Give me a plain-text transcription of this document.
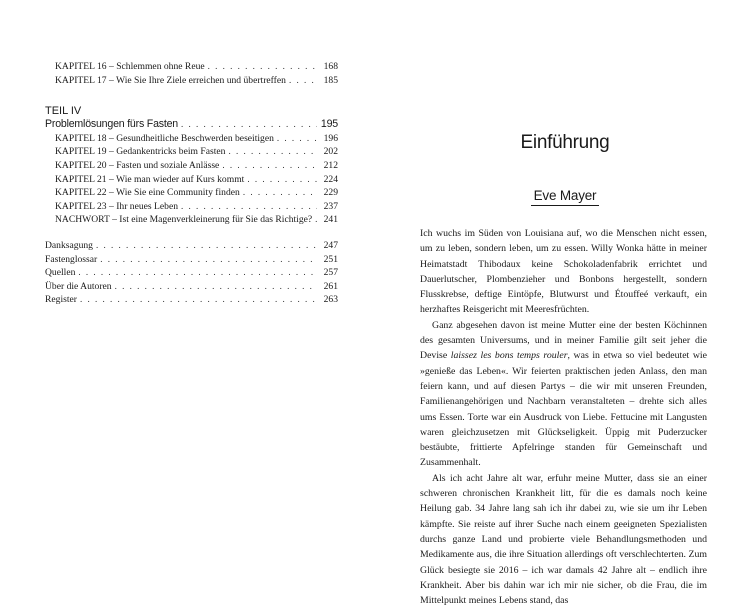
KAPITEL 16 – Schlemmen ohne Reue . . .	168
KAPITEL 17 – Wie Sie Ihre Ziele erreichen und übertreffen . . .	185
TEIL IV
Problemlösungen fürs Fasten . . .	195
KAPITEL 18 – Gesundheitliche Beschwerden beseitigen . . .	196
KAPITEL 19 – Gedankentricks beim Fasten . . .	202
KAPITEL 20 – Fasten und soziale Anlässe . . .	212
KAPITEL 21 – Wie man wieder auf Kurs kommt . . .	224
KAPITEL 22 – Wie Sie eine Community finden . . .	229
KAPITEL 23 – Ihr neues Leben . . .	237
NACHWORT – Ist eine Magenverkleinerung für Sie das Richtige? . . .	241
Danksagung . . .	247
Fastenglossar . . .	251
Quellen . . .	257
Über die Autoren . . .	261
Register . . .	263
Einführung
Eve Mayer

Ich wuchs im Süden von Louisiana auf, wo die Menschen nicht essen, um zu leben, sondern leben, um zu essen. Willy Wonka hätte in meiner Heimatstadt Thibodaux keine Schokoladenfabrik errichtet und Dauerlutscher, Plombenzieher und Bonbons hergestellt, sondern Flusskrebse, deftige Eintöpfe, Blutwurst und Étouffeé verkauft, ein herzhaftes Reisgericht mit Meeresfrüchten.

Ganz abgesehen davon ist meine Mutter eine der besten Köchinnen des gesamten Universums, und in meiner Familie gilt seit jeher die Devise laissez les bons temps rouler, was in etwa so viel bedeutet wie »genieße das Leben«. Wir feierten praktischen jeden Anlass, den man feiern kann, und auf diesen Partys – die wir mit unseren Freunden, Familienangehörigen und Nachbarn veranstalteten – drehte sich alles ums Essen. Torte war ein Ausdruck von Liebe. Fettucine mit Langusten waren gleichzusetzen mit Glückseligkeit. Üppig mit Puderzucker bestäubte, frittierte Apfelringe standen für Gemeinschaft und Zusammenhalt.

Als ich acht Jahre alt war, erfuhr meine Mutter, dass sie an einer schweren chronischen Krankheit litt, für die es damals noch keine Heilung gab. 34 Jahre lang sah ich ihr dabei zu, wie sie um ihr Leben kämpfte. Sie reiste auf ihrer Suche nach einem geeigneten Spezialisten durchs ganze Land und probierte viele Behandlungsmethoden und Medikamente aus, die ihre Situation allerdings oft verschlechterten. Zum Glück besiegte sie 2016 – ich war damals 42 Jahre alt – endlich ihre Krankheit. Aber bis dahin war ich mir nie sicher, ob die Frau, die im Mittelpunkt meines Lebens stand, das
